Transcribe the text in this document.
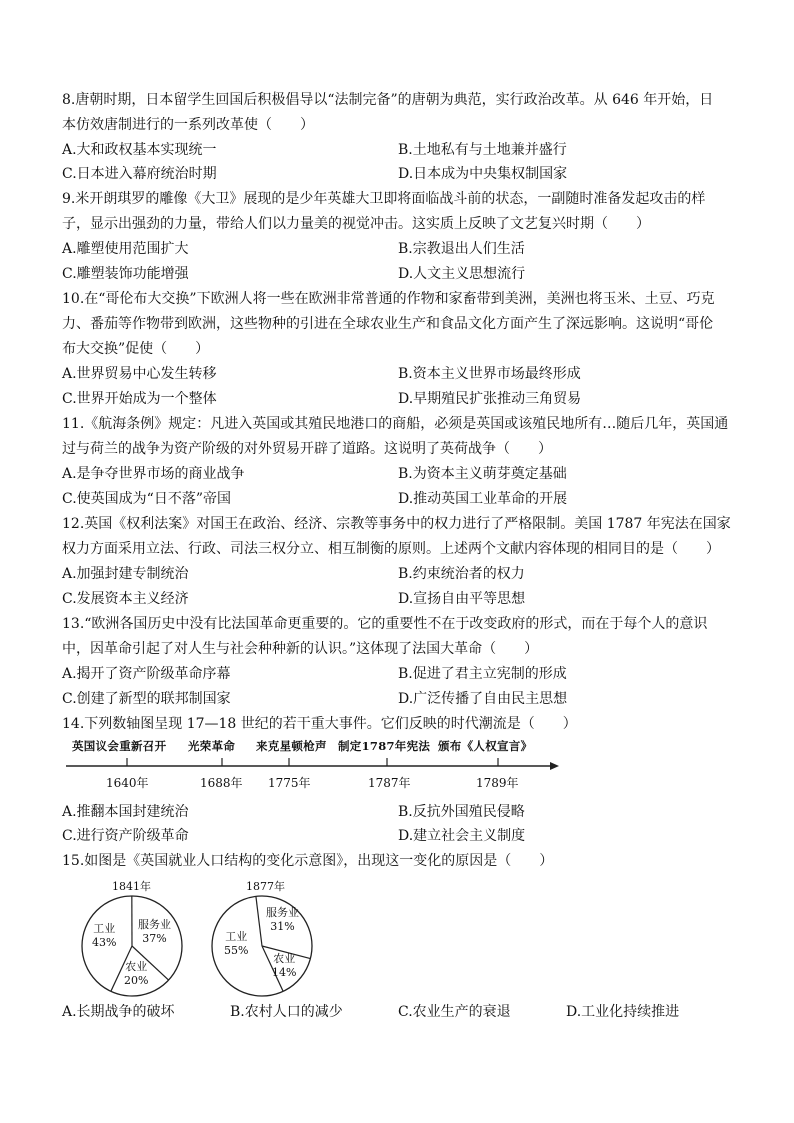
8.唐朝时期，日本留学生回国后积极倡导以“法制完备”的唐朝为典范，实行政治改革。从 646 年开始，日
本仿效唐制进行的一系列改革使（　　）
A.大和政权基本实现统一	B.土地私有与土地兼并盛行
C.日本进入幕府统治时期	D.日本成为中央集权制国家
9.米开朗琪罗的雕像《大卫》展现的是少年英雄大卫即将面临战斗前的状态，一副随时准备发起攻击的样
子，显示出强劲的力量，带给人们以力量美的视觉冲击。这实质上反映了文艺复兴时期（　　）
A.雕塑使用范围扩大	B.宗教退出人们生活
C.雕塑装饰功能增强	D.人文主义思想流行
10.在“哥伦布大交换”下欧洲人将一些在欧洲非常普通的作物和家畜带到美洲，美洲也将玉米、土豆、巧克
力、番茄等作物带到欧洲，这些物种的引进在全球农业生产和食品文化方面产生了深远影响。这说明“哥伦
布大交换”促使（　　）
A.世界贸易中心发生转移	B.资本主义世界市场最终形成
C.世界开始成为一个整体	D.早期殖民扩张推动三角贸易
11.《航海条例》规定：凡进入英国或其殖民地港口的商船，必须是英国或该殖民地所有…随后几年，英国通
过与荷兰的战争为资产阶级的对外贸易开辟了道路。这说明了英荷战争（　　）
A.是争夺世界市场的商业战争	B.为资本主义萌芽奠定基础
C.使英国成为“日不落”帝国	D.推动英国工业革命的开展
12.英国《权利法案》对国王在政治、经济、宗教等事务中的权力进行了严格限制。美国 1787 年宪法在国家
权力方面采用立法、行政、司法三权分立、相互制衡的原则。上述两个文献内容体现的相同目的是（　　）
A.加强封建专制统治	B.约束统治者的权力
C.发展资本主义经济	D.宣扬自由平等思想
13.“欧洲各国历史中没有比法国革命更重要的。它的重要性不在于改变政府的形式，而在于每个人的意识
中，因革命引起了对人生与社会种种新的认识。”这体现了法国大革命（　　）
A.揭开了资产阶级革命序幕	B.促进了君主立宪制的形成
C.创建了新型的联邦制国家	D.广泛传播了自由民主思想
14.下列数轴图呈现 17—18 世纪的若干重大事件。它们反映的时代潮流是（　　）
英国议会重新召开 光荣革命 来克星顿枪声 制定1787年宪法 颁布《人权宣言》
1640年	1688年 1775年	1787年	1789年
A.推翻本国封建统治	B.反抗外国殖民侵略
C.进行资产阶级革命	D.建立社会主义制度
15.如图是《英国就业人口结构的变化示意图》，出现这一变化的原因是（　　）
1841年
工业
43%
服务业
37%
农业
20%
1877年
工业
55%
服务业
31%
农业
14%
A.长期战争的破坏	B.农村人口的减少	C.农业生产的衰退	D.工业化持续推进
